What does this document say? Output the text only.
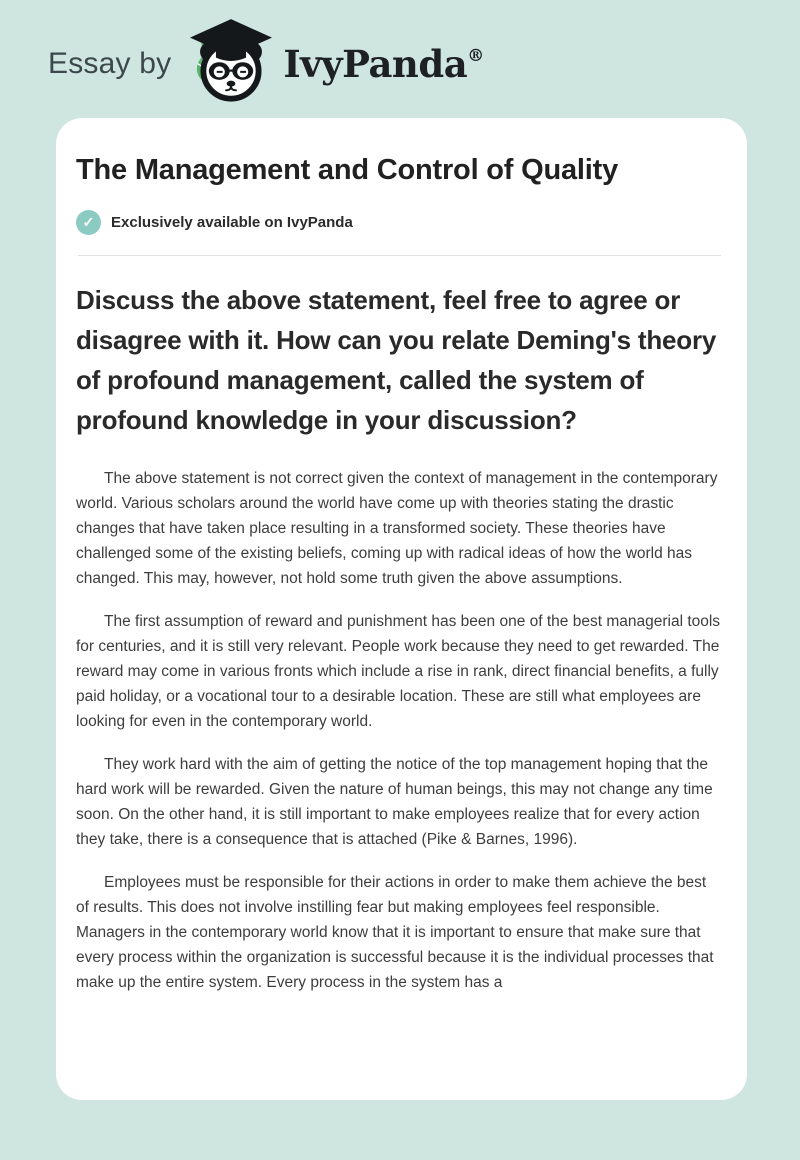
Essay by	IvyPanda®
The Management and Control of Quality
✓	Exclusively available on IvyPanda
Discuss the above statement, feel free to agree or disagree with it. How can you relate Deming's theory of profound management, called the system of profound knowledge in your discussion?

The above statement is not correct given the context of management in the contemporary world. Various scholars around the world have come up with theories stating the drastic changes that have taken place resulting in a transformed society. These theories have challenged some of the existing beliefs, coming up with radical ideas of how the world has changed. This may, however, not hold some truth given the above assumptions.

The first assumption of reward and punishment has been one of the best managerial tools for centuries, and it is still very relevant. People work because they need to get rewarded. The reward may come in various fronts which include a rise in rank, direct financial benefits, a fully paid holiday, or a vocational tour to a desirable location. These are still what employees are looking for even in the contemporary world.

They work hard with the aim of getting the notice of the top management hoping that the hard work will be rewarded. Given the nature of human beings, this may not change any time soon. On the other hand, it is still important to make employees realize that for every action they take, there is a consequence that is attached (Pike & Barnes, 1996).

Employees must be responsible for their actions in order to make them achieve the best of results. This does not involve instilling fear but making employees feel responsible. Managers in the contemporary world know that it is important to ensure that make sure that every process within the organization is successful because it is the individual processes that make up the entire system. Every process in the system has a
